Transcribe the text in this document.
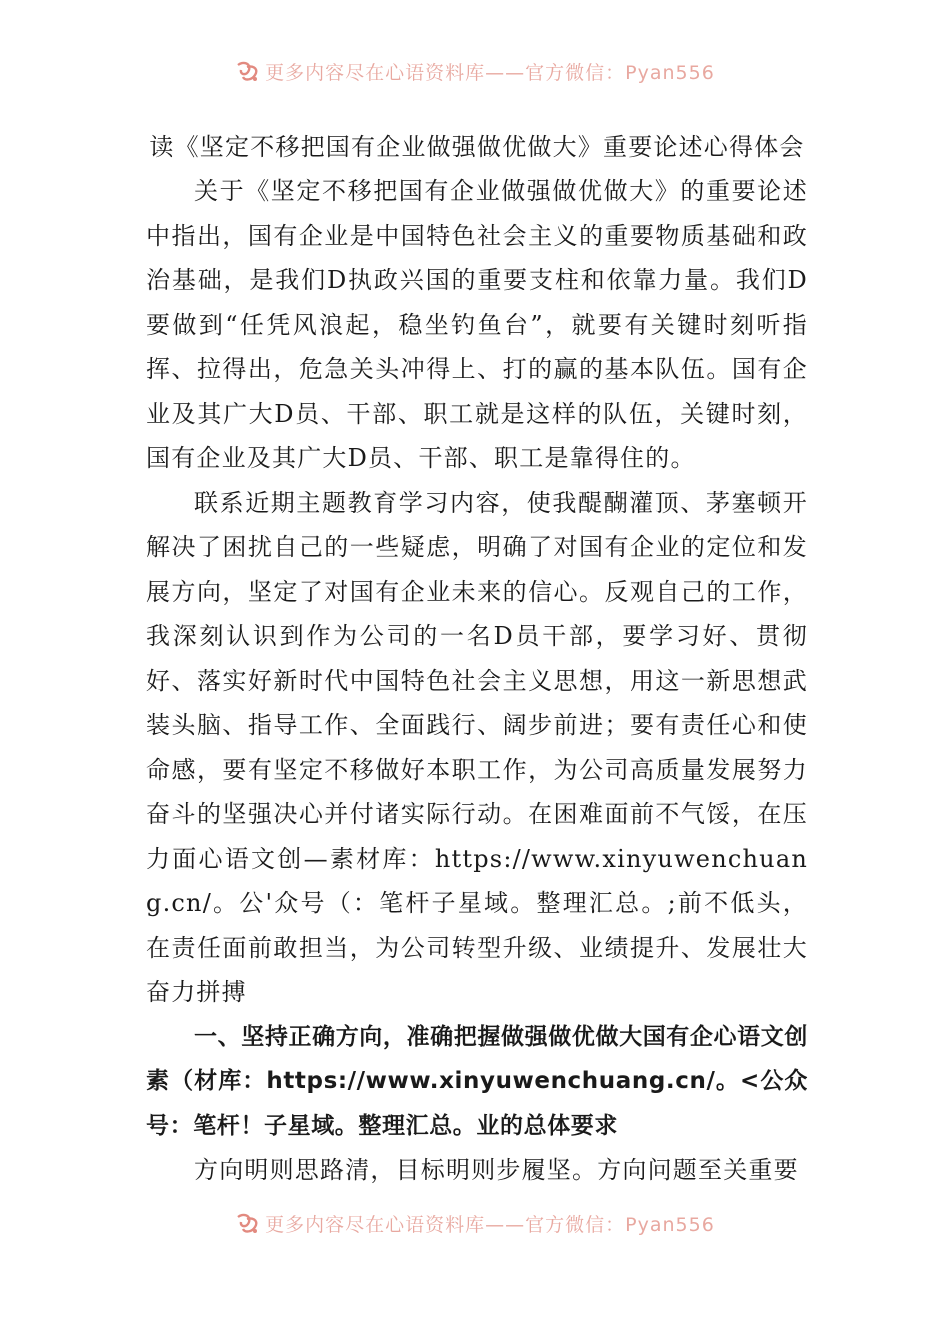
更多内容尽在心语资料库——官方微信：Pyan556
读《坚定不移把国有企业做强做优做大》重要论述心得体会

关于《坚定不移把国有企业做强做优做大》的重要论述中指出，国有企业是中国特色社会主义的重要物质基础和政治基础，是我们D执政兴国的重要支柱和依靠力量。我们D要做到“任凭风浪起，稳坐钓鱼台”，就要有关键时刻听指挥、拉得出，危急关头冲得上、打的赢的基本队伍。国有企业及其广大D员、干部、职工就是这样的队伍，关键时刻，国有企业及其广大D员、干部、职工是靠得住的。

联系近期主题教育学习内容，使我醍醐灌顶、茅塞顿开解决了困扰自己的一些疑虑，明确了对国有企业的定位和发展方向，坚定了对国有企业未来的信心。反观自己的工作，我深刻认识到作为公司的一名D员干部，要学习好、贯彻好、落实好新时代中国特色社会主义思想，用这一新思想武装头脑、指导工作、全面践行、阔步前进；要有责任心和使命感，要有坚定不移做好本职工作，为公司高质量发展努力奋斗的坚强决心并付诸实际行动。在困难面前不气馁，在压力面心语文创—素材库：https://www.xinyuwenchuang.cn/。公'众号（：笔杆子星域。整理汇总。;前不低头，在责任面前敢担当，为公司转型升级、业绩提升、发展壮大奋力拼搏

一、坚持正确方向，准确把握做强做优做大国有企心语文创素（材库：https://www.xinyuwenchuang.cn/。<公众号：笔杆！子星域。整理汇总。业的总体要求

方向明则思路清，目标明则步履坚。方向问题至关重要

更多内容尽在心语资料库——官方微信：Pyan556
